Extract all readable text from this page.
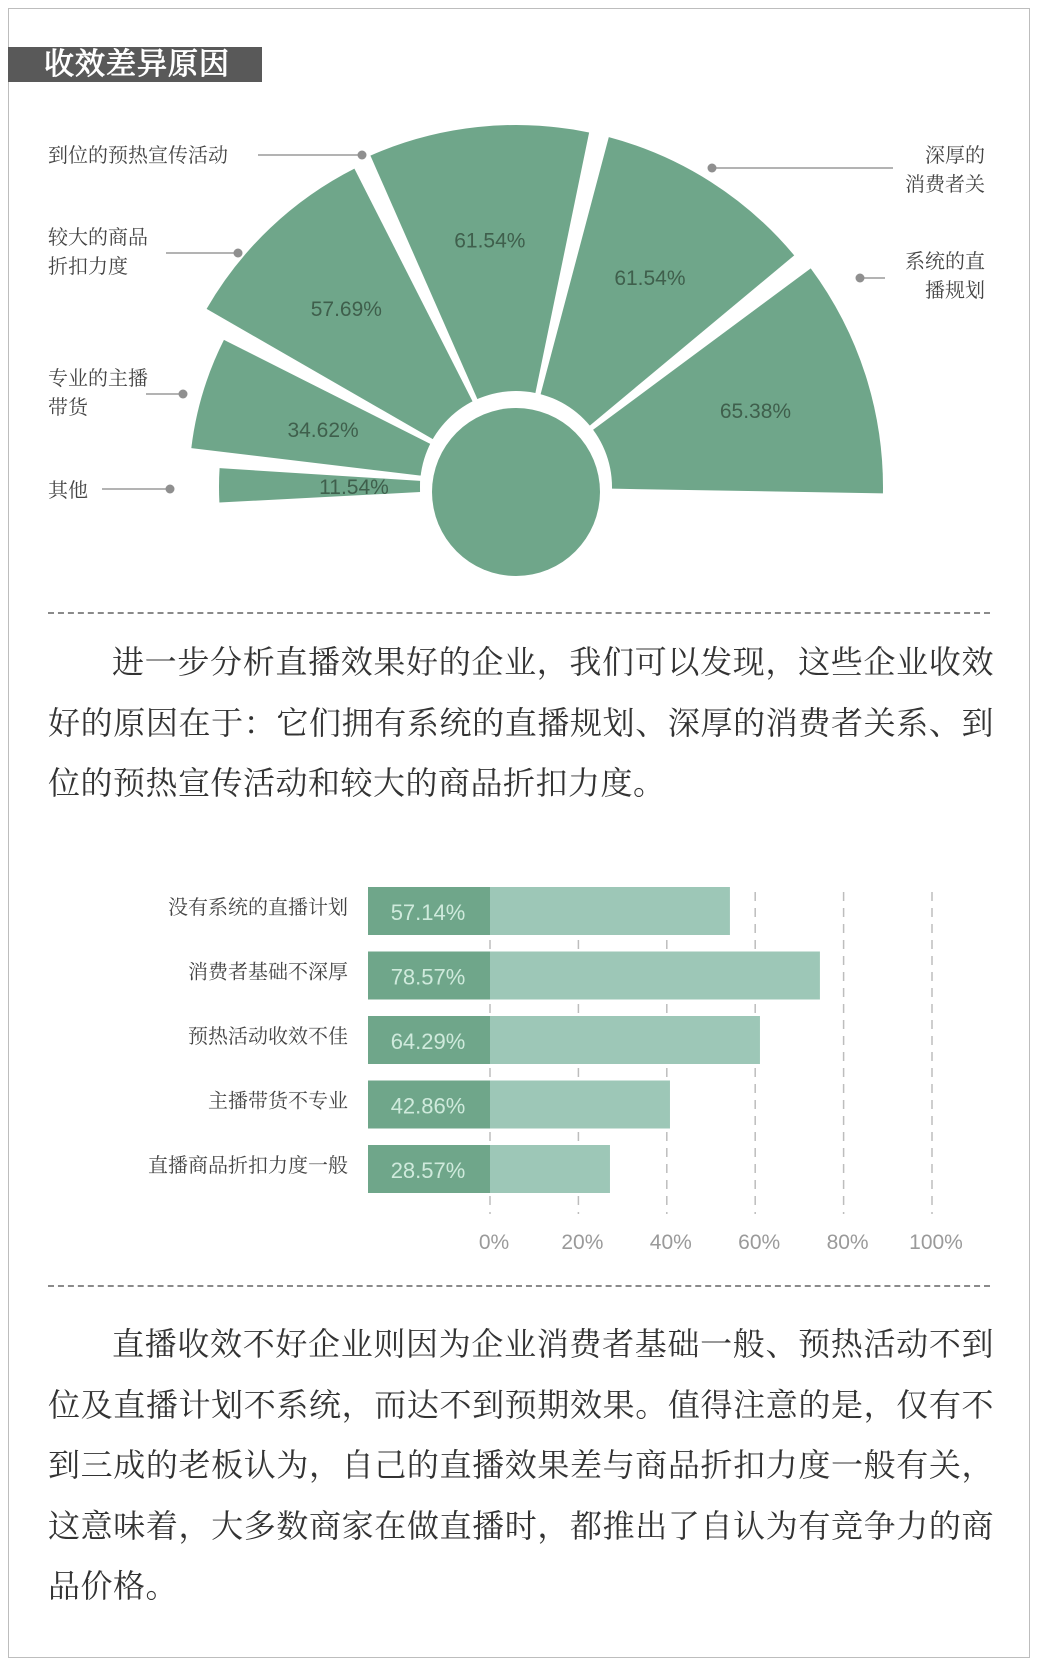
收效差异原因
11.54%
其他
34.62%
专业的主播带货
57.69%
较大的商品折扣力度
61.54%
到位的预热宣传活动
61.54%
深厚的消费者关
65.38%
系统的直播规划
进一步分析直播效果好的企业，我们可以发现，这些企业收效好的原因在于：它们拥有系统的直播规划、深厚的消费者关系、到位的预热宣传活动和较大的商品折扣力度。
0% 20% 40% 60% 80% 100%
57.14%
没有系统的直播计划
78.57%
消费者基础不深厚
64.29%
预热活动收效不佳
42.86%
主播带货不专业
28.57%
直播商品折扣力度一般
直播收效不好企业则因为企业消费者基础一般、预热活动不到位及直播计划不系统，而达不到预期效果。值得注意的是，仅有不到三成的老板认为，自己的直播效果差与商品折扣力度一般有关，这意味着，大多数商家在做直播时，都推出了自认为有竞争力的商品价格。
